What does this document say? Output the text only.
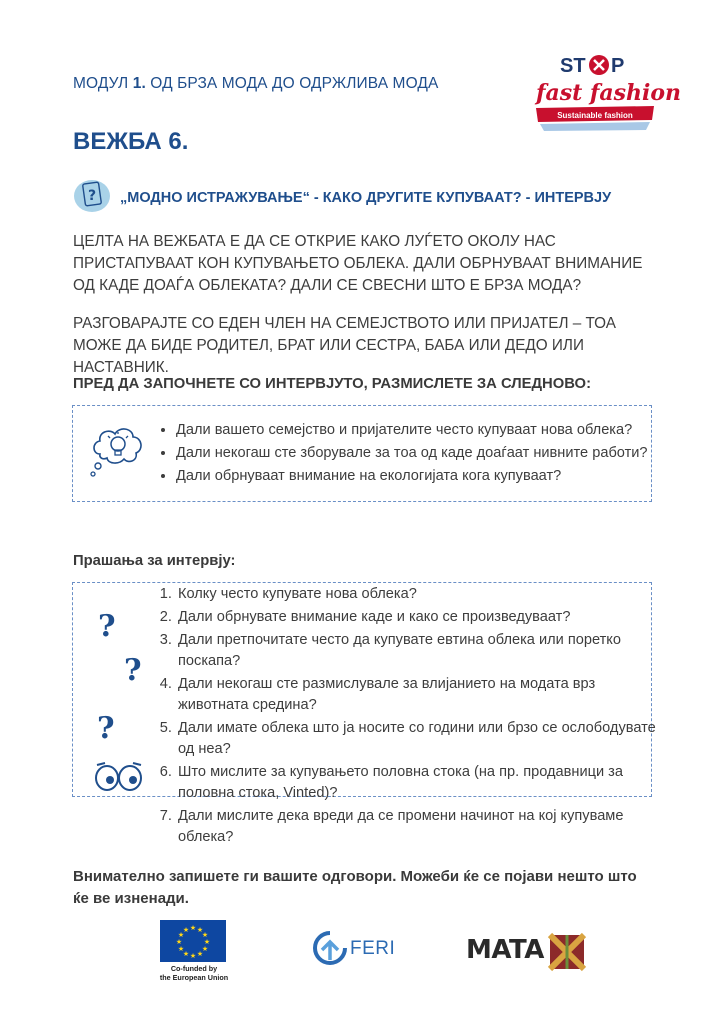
МОДУЛ 1. ОД БРЗА МОДА ДО ОДРЖЛИВА МОДА
ST P
fast fashion
Sustainable fashion
ВЕЖБА 6.
? „МОДНО ИСТРАЖУВАЊЕ“ - КАКО ДРУГИТЕ КУПУВААТ? - ИНТЕРВЈУ
ЦЕЛТА НА ВЕЖБАТА Е ДА СЕ ОТКРИЕ КАКО ЛУЃЕТО ОКОЛУ НАС ПРИСТАПУВААТ КОН КУПУВАЊЕТО ОБЛЕКА. ДАЛИ ОБРНУВААТ ВНИМАНИЕ ОД КАДЕ ДОАЃА ОБЛЕКАТА? ДАЛИ СЕ СВЕСНИ ШТО Е БРЗА МОДА?
РАЗГОВАРАЈТЕ СО ЕДЕН ЧЛЕН НА СЕМЕЈСТВОТО ИЛИ ПРИЈАТЕЛ – ТОА МОЖЕ ДА БИДЕ РОДИТЕЛ, БРАТ ИЛИ СЕСТРА, БАБА ИЛИ ДЕДО ИЛИ НАСТАВНИК.
ПРЕД ДА ЗАПОЧНЕТЕ СО ИНТЕРВЈУТО, РАЗМИСЛЕТЕ ЗА СЛЕДНОВО:
• Дали вашето семејство и пријателите често купуваат нова облека?
• Дали некогаш сте зборувале за тоа од каде доаѓаат нивните работи?
• Дали обрнуваат внимание на екологијата кога купуваат?
Прашања за интервју:
?
?
?
1. Колку често купувате нова облека?
2. Дали обрнувате внимание каде и како се произведуваат?
3. Дали претпочитате често да купувате евтина облека или поретко поскапа?
4. Дали некогаш сте размислувале за влијанието на модата врз животната средина?
5. Дали имате облека што ја носите со години или брзо се ослободувате од неа?
6. Што мислите за купувањето половна стока (на пр. продавници за половна стока, Vinted)?
7. Дали мислите дека вреди да се промени начинот на кој купуваме облека?
Внимателно запишете ги вашите одговори. Можеби ќе се појави нешто што ќе ве изненади.
★ ★
★
★
★
★
★
★
★
★
★
★
Co-funded by
the European Union
FERI	MATA
